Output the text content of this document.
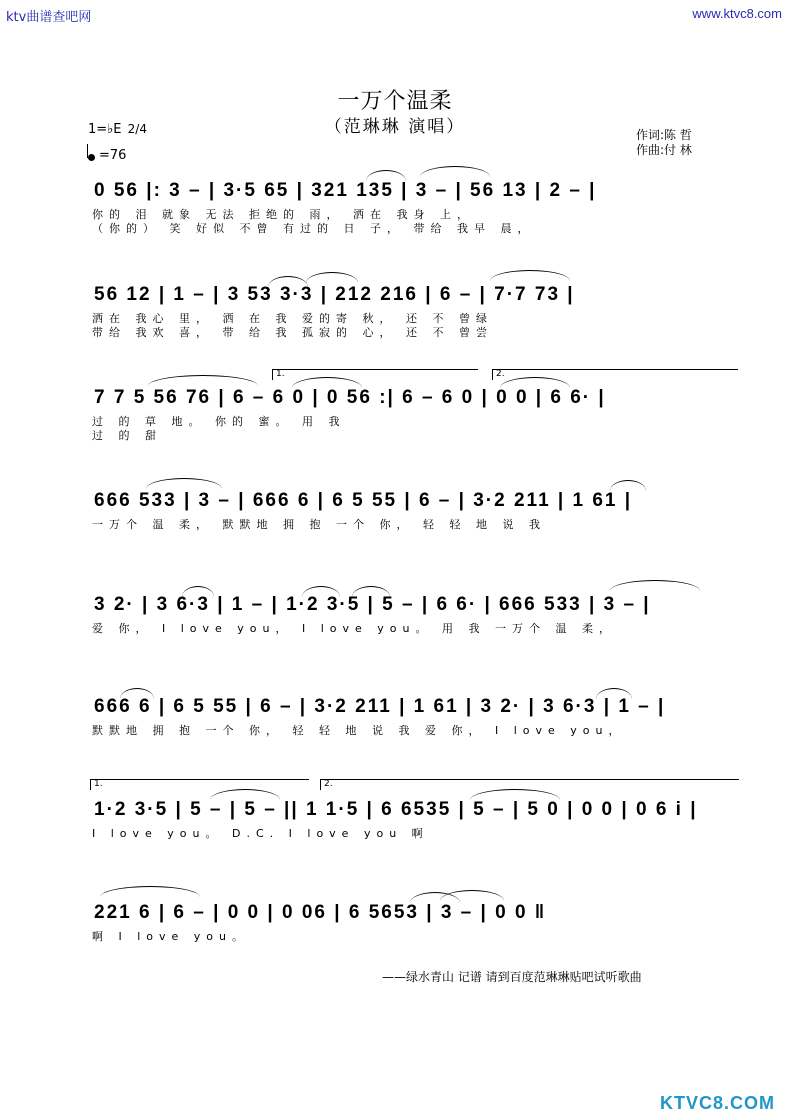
ktv曲谱查吧网	www.ktvc8.com
一万个温柔
（范琳琳 演唱）
1=♭E 2/4
=76
作词:陈 哲
作曲:付 林
0 56 |: 3 – | 3·5 65 | 321 135 | 3 – | 56 13 | 2 – |
你的 泪 就象 无法 拒绝的 雨， 洒在 我身 上，
（你的） 笑 好似 不曾 有过的 日 子， 带给 我早 晨，
56 12 | 1 – | 3 53 3·3 | 212 216 | 6 – | 7·7 73 |
洒在 我心 里， 洒 在 我 爱的寄 秋， 还 不 曾绿
带给 我欢 喜， 带 给 我 孤寂的 心， 还 不 曾尝
1.	2.
7 7 5 56 76 | 6 – 6 0 | 0 56 :| 6 – 6 0 | 0 0 | 6 6· |
过 的 草 地。 你的 蜜。 用 我
过 的 甜
666 533 | 3 – | 666 6 | 6 5 55 | 6 – | 3·2 211 | 1 61 |
一万个 温 柔， 默默地 拥 抱 一个 你， 轻 轻 地 说 我
3 2· | 3 6·3 | 1 – | 1·2 3·5 | 5 – | 6 6· | 666 533 | 3 – |
爱 你， I love you， I love you。 用 我 一万个 温 柔，
666 6 | 6 5 55 | 6 – | 3·2 211 | 1 61 | 3 2· | 3 6·3 | 1 – |
默默地 拥 抱 一个 你， 轻 轻 地 说 我 爱 你， I love you，
1.	2.
1·2 3·5 | 5 – | 5 – || 1 1·5 | 6 6535 | 5 – | 5 0 | 0 0 | 0 6 i |
I love you。 D.C. I love you 啊
221 6 | 6 – | 0 0 | 0 06 | 6 5653 | 3 – | 0 0 ‖
啊 I love you。
——绿水青山 记谱 请到百度范琳琳贴吧试听歌曲
KTVC8.COM
